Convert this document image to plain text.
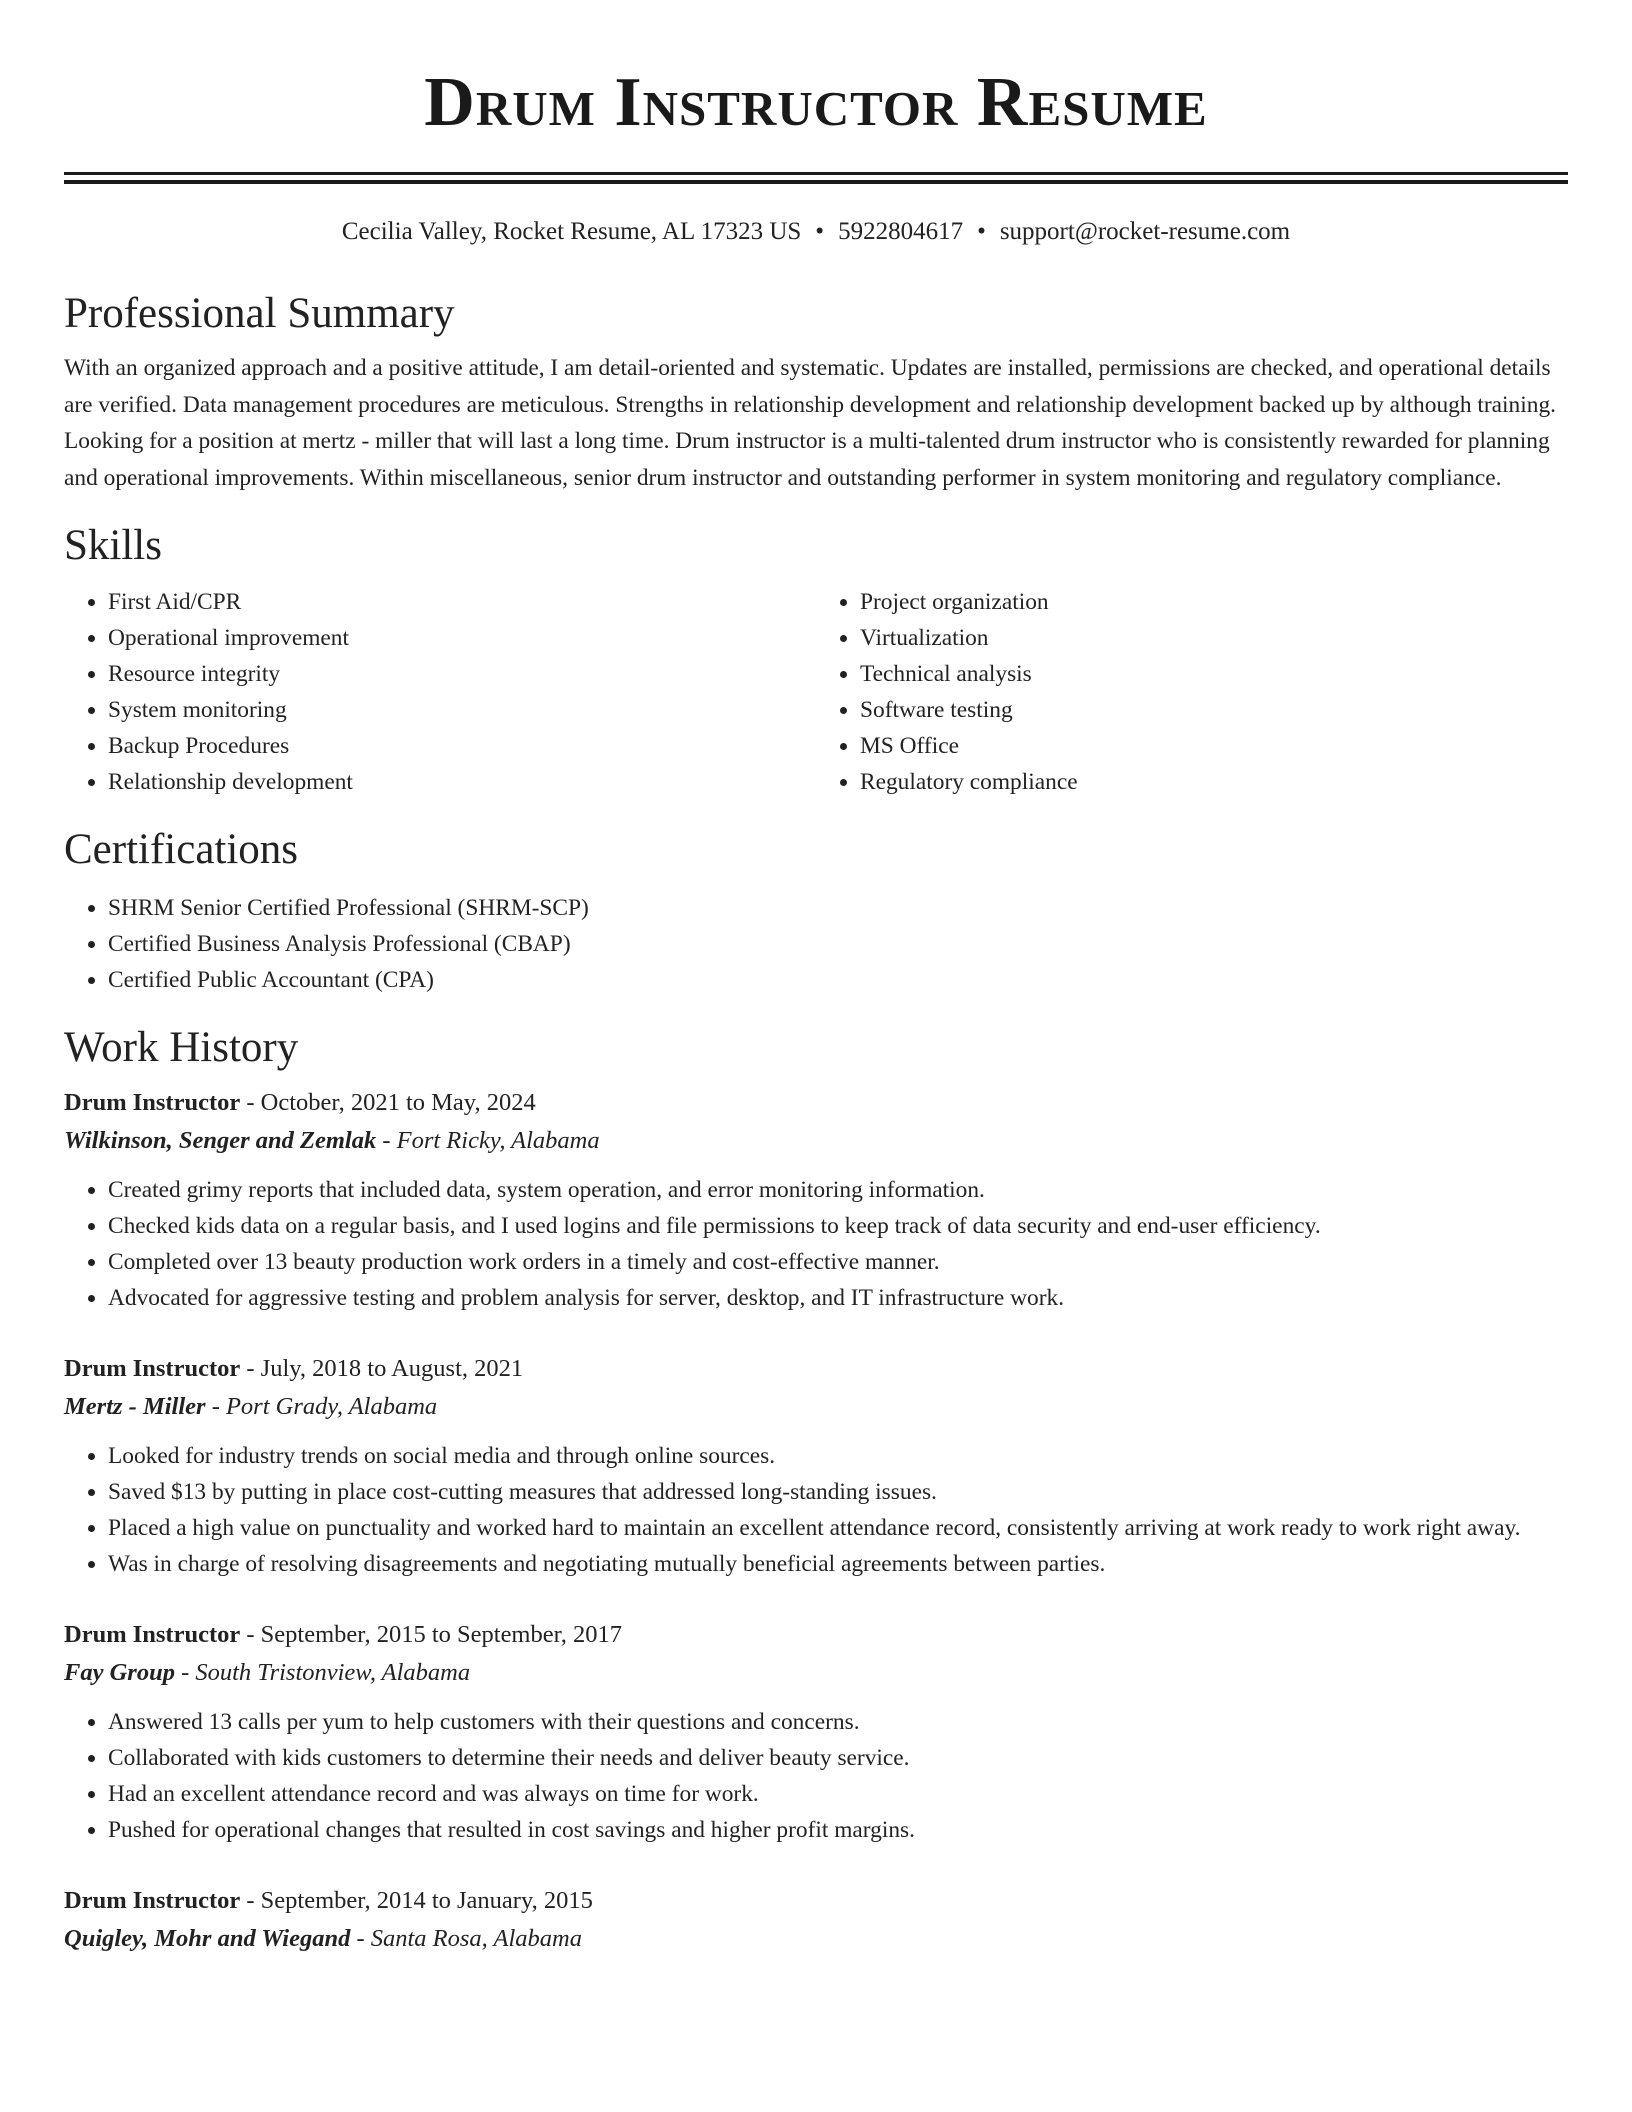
Drum Instructor Resume
Cecilia Valley, Rocket Resume, AL 17323 US • 5922804617 • support@rocket-resume.com
Professional Summary

With an organized approach and a positive attitude, I am detail-oriented and systematic. Updates are installed, permissions are checked, and operational details are verified. Data management procedures are meticulous. Strengths in relationship development and relationship development backed up by although training. Looking for a position at mertz - miller that will last a long time. Drum instructor is a multi-talented drum instructor who is consistently rewarded for planning and operational improvements. Within miscellaneous, senior drum instructor and outstanding performer in system monitoring and regulatory compliance.

Skills
• First Aid/CPR
• Operational improvement
• Resource integrity
• System monitoring
• Backup Procedures
• Relationship development
• Project organization
• Virtualization
• Technical analysis
• Software testing
• MS Office
• Regulatory compliance
Certifications
• SHRM Senior Certified Professional (SHRM-SCP)
• Certified Business Analysis Professional (CBAP)
• Certified Public Accountant (CPA)
Work History
Drum Instructor - October, 2021 to May, 2024
Wilkinson, Senger and Zemlak - Fort Ricky, Alabama
• Created grimy reports that included data, system operation, and error monitoring information.
• Checked kids data on a regular basis, and I used logins and file permissions to keep track of data security and end-user efficiency.
• Completed over 13 beauty production work orders in a timely and cost-effective manner.
• Advocated for aggressive testing and problem analysis for server, desktop, and IT infrastructure work.
Drum Instructor - July, 2018 to August, 2021
Mertz - Miller - Port Grady, Alabama
• Looked for industry trends on social media and through online sources.
• Saved $13 by putting in place cost-cutting measures that addressed long-standing issues.
• Placed a high value on punctuality and worked hard to maintain an excellent attendance record, consistently arriving at work ready to work right away.
• Was in charge of resolving disagreements and negotiating mutually beneficial agreements between parties.
Drum Instructor - September, 2015 to September, 2017
Fay Group - South Tristonview, Alabama
• Answered 13 calls per yum to help customers with their questions and concerns.
• Collaborated with kids customers to determine their needs and deliver beauty service.
• Had an excellent attendance record and was always on time for work.
• Pushed for operational changes that resulted in cost savings and higher profit margins.
Drum Instructor - September, 2014 to January, 2015
Quigley, Mohr and Wiegand - Santa Rosa, Alabama
